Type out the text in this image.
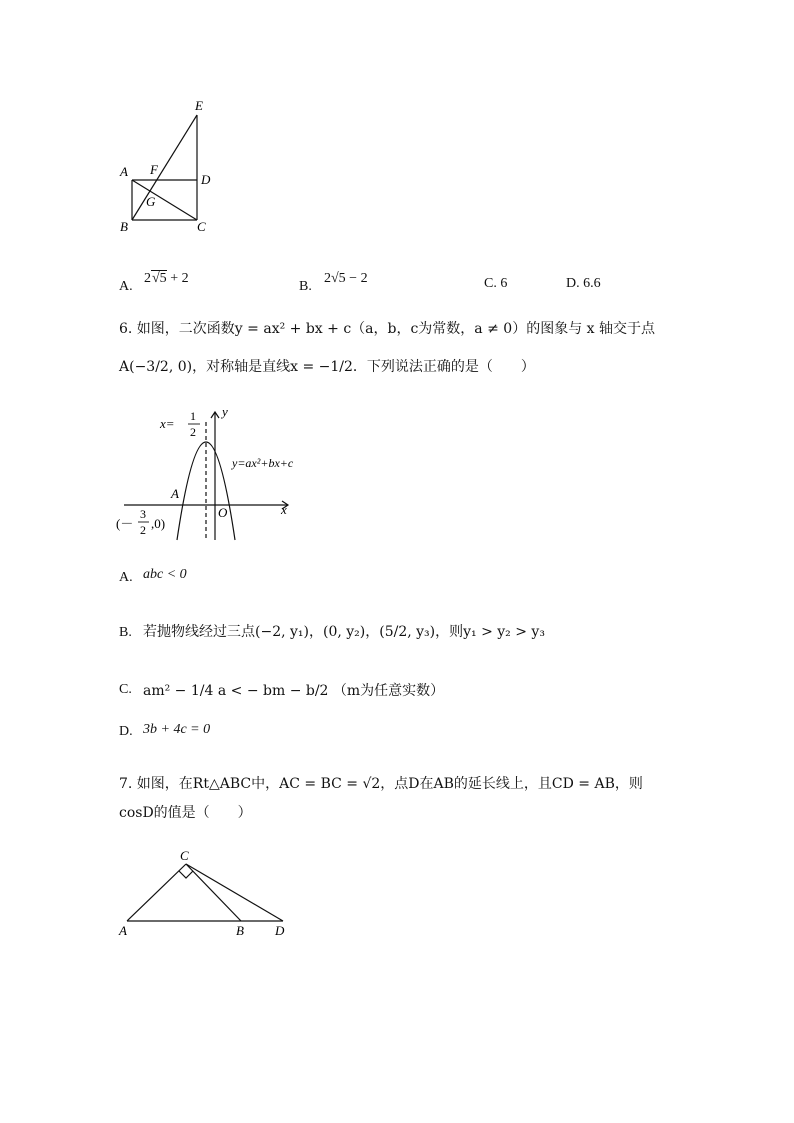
E
A F
D
G
B	C
A.
2√5 + 2
B.
2√5 − 2	C. 6	D. 6.6
6. 如图，二次函数y = ax² + bx + c（a，b，c为常数，a ≠ 0）的图象与 x 轴交于点
A(−3/2, 0)，对称轴是直线x = −1/2．下列说法正确的是（　　）
x= 1
2
y
x
O
y=ax²+bx+c
A
(－
3
2 ,0)
A. abc < 0
B. 若抛物线经过三点(−2, y₁)，(0, y₂)，(5/2, y₃)，则y₁ > y₂ > y₃
C. am² − 1/4 a < − bm − b/2 （m为任意实数）
D. 3b + 4c = 0
7. 如图，在Rt△ABC中，AC = BC = √2，点D在AB的延长线上，且CD = AB，则
cosD的值是（　　）
C
A	B D
